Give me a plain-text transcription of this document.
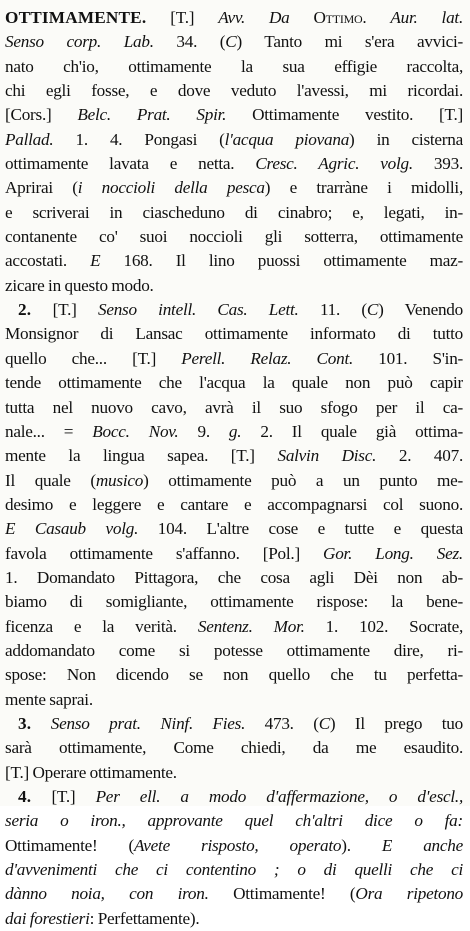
OTTIMAMENTE. [T.] Avv. Da Ottimo. Aur. lat.
Senso corp. Lab. 34. (C) Tanto mi s'era avvici-
nato ch'io, ottimamente la sua effigie raccolta,
chi egli fosse, e dove veduto l'avessi, mi ricordai.
[Cors.] Belc. Prat. Spir. Ottimamente vestito. [T.]
Pallad. 1. 4. Pongasi (l'acqua piovana) in cisterna
ottimamente lavata e netta. Cresc. Agric. volg. 393.
Aprirai (i noccioli della pesca) e trarràne i midolli,
e scriverai in ciascheduno di cinabro; e, legati, in-
contanente co' suoi noccioli gli sotterra, ottimamente
accostati. E 168. Il lino puossi ottimamente maz-
zicare in questo modo.
2. [T.] Senso intell. Cas. Lett. 11. (C) Venendo
Monsignor di Lansac ottimamente informato di tutto
quello che... [T.] Perell. Relaz. Cont. 101. S'in-
tende ottimamente che l'acqua la quale non può capir
tutta nel nuovo cavo, avrà il suo sfogo per il ca-
nale... = Bocc. Nov. 9. g. 2. Il quale già ottima-
mente la lingua sapea. [T.] Salvin Disc. 2. 407.
Il quale (musico) ottimamente può a un punto me-
desimo e leggere e cantare e accompagnarsi col suono.
E Casaub volg. 104. L'altre cose e tutte e questa
favola ottimamente s'affanno. [Pol.] Gor. Long. Sez.
1. Domandato Pittagora, che cosa agli Dèi non ab-
biamo di somigliante, ottimamente rispose: la bene-
ficenza e la verità. Sentenz. Mor. 1. 102. Socrate,
addomandato come si potesse ottimamente dire, ri-
spose: Non dicendo se non quello che tu perfetta-
mente saprai.
3. Senso prat. Ninf. Fies. 473. (C) Il prego tuo
sarà ottimamente, Come chiedi, da me esaudito.
[T.] Operare ottimamente.
4. [T.] Per ell. a modo d'affermazione, o d'escl.,
seria o iron., approvante quel ch'altri dice o fa:
Ottimamente! (Avete risposto, operato). E anche
d'avvenimenti che ci contentino ; o di quelli che ci
dànno noia, con iron. Ottimamente! (Ora ripetono
dai forestieri: Perfettamente).
